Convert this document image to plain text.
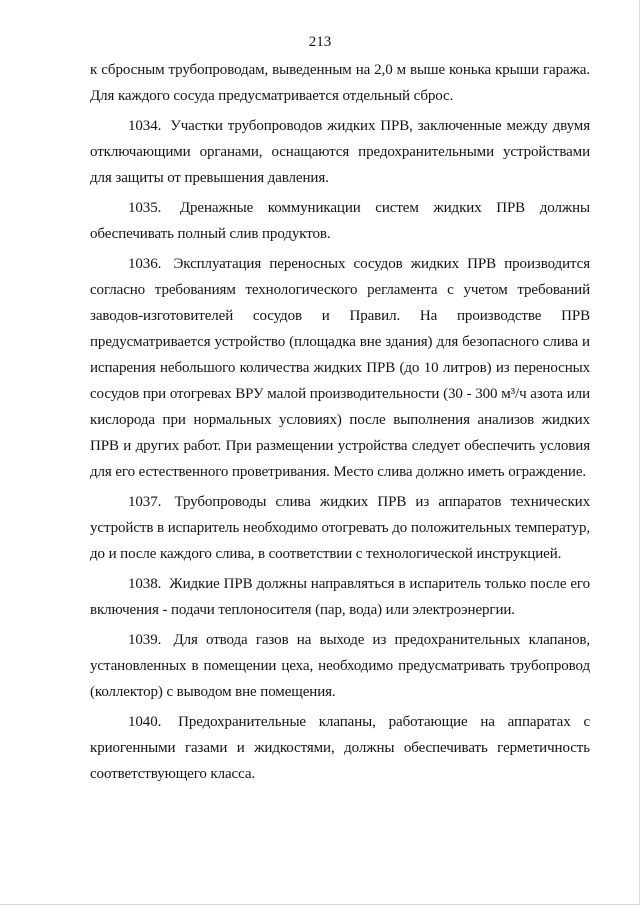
213

к сбросным трубопроводам, выведенным на 2,0 м выше конька крыши гаража. Для каждого сосуда предусматривается отдельный сброс.

1034. Участки трубопроводов жидких ПРВ, заключенные между двумя отключающими органами, оснащаются предохранительными устройствами для защиты от превышения давления.

1035. Дренажные коммуникации систем жидких ПРВ должны обеспечивать полный слив продуктов.

1036. Эксплуатация переносных сосудов жидких ПРВ производится согласно требованиям технологического регламента с учетом требований заводов-изготовителей сосудов и Правил. На производстве ПРВ предусматривается устройство (площадка вне здания) для безопасного слива и испарения небольшого количества жидких ПРВ (до 10 литров) из переносных сосудов при отогревах ВРУ малой производительности (30 - 300 м³/ч азота или кислорода при нормальных условиях) после выполнения анализов жидких ПРВ и других работ. При размещении устройства следует обеспечить условия для его естественного проветривания. Место слива должно иметь ограждение.

1037. Трубопроводы слива жидких ПРВ из аппаратов технических устройств в испаритель необходимо отогревать до положительных температур, до и после каждого слива, в соответствии с технологической инструкцией.

1038. Жидкие ПРВ должны направляться в испаритель только после его включения - подачи теплоносителя (пар, вода) или электроэнергии.

1039. Для отвода газов на выходе из предохранительных клапанов, установленных в помещении цеха, необходимо предусматривать трубопровод (коллектор) с выводом вне помещения.

1040. Предохранительные клапаны, работающие на аппаратах с криогенными газами и жидкостями, должны обеспечивать герметичность соответствующего класса.
